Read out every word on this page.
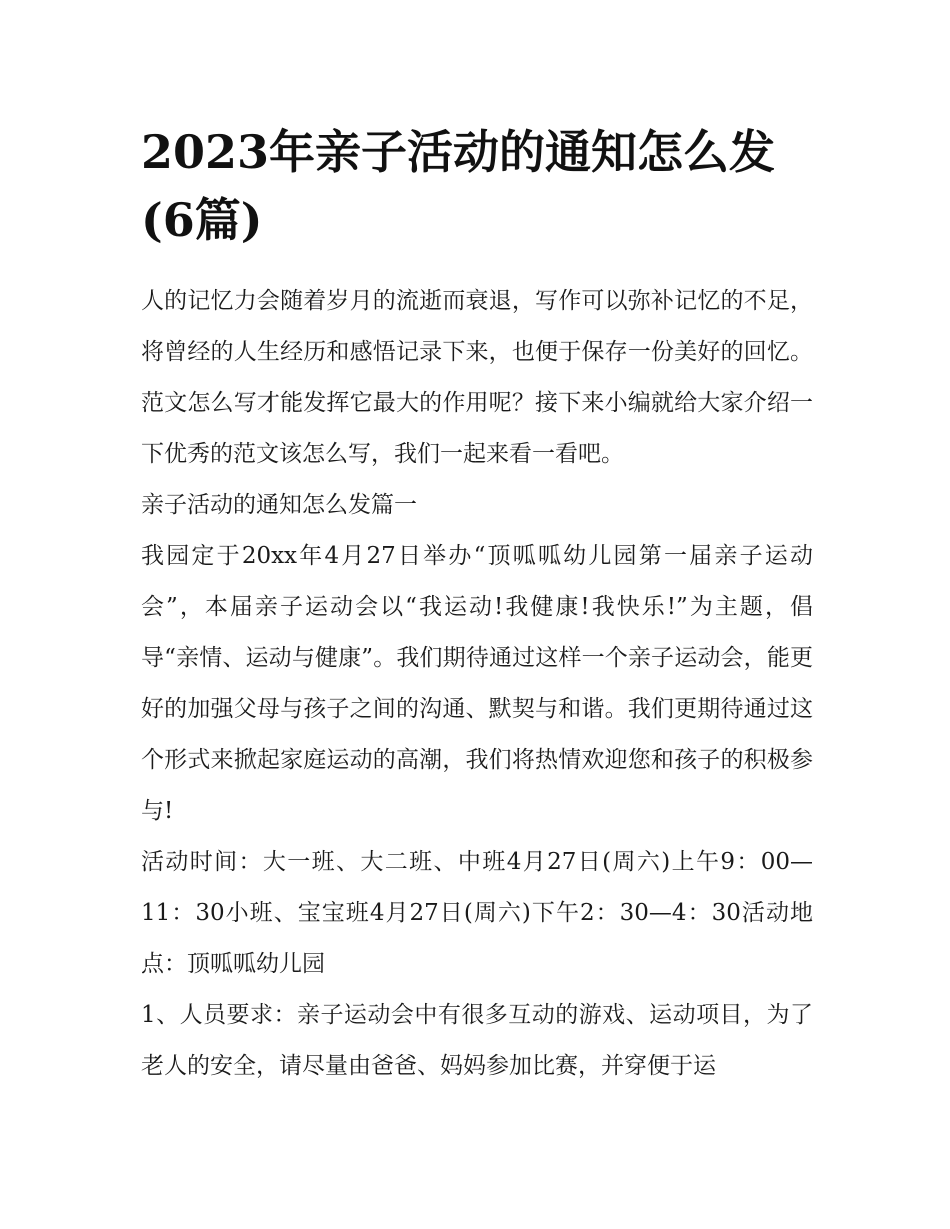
2023年亲子活动的通知怎么发(6篇)

人的记忆力会随着岁月的流逝而衰退，写作可以弥补记忆的不足，将曾经的人生经历和感悟记录下来，也便于保存一份美好的回忆。范文怎么写才能发挥它最大的作用呢？接下来小编就给大家介绍一下优秀的范文该怎么写，我们一起来看一看吧。

亲子活动的通知怎么发篇一

我园定于20xx年4月27日举办“顶呱呱幼儿园第一届亲子运动会”，本届亲子运动会以“我运动!我健康!我快乐!”为主题，倡导“亲情、运动与健康”。我们期待通过这样一个亲子运动会，能更好的加强父母与孩子之间的沟通、默契与和谐。我们更期待通过这个形式来掀起家庭运动的高潮，我们将热情欢迎您和孩子的积极参与!

活动时间：大一班、大二班、中班4月27日(周六)上午9：00—11：30小班、宝宝班4月27日(周六)下午2：30—4：30活动地点：顶呱呱幼儿园

1、人员要求：亲子运动会中有很多互动的游戏、运动项目，为了老人的安全，请尽量由爸爸、妈妈参加比赛，并穿便于运
